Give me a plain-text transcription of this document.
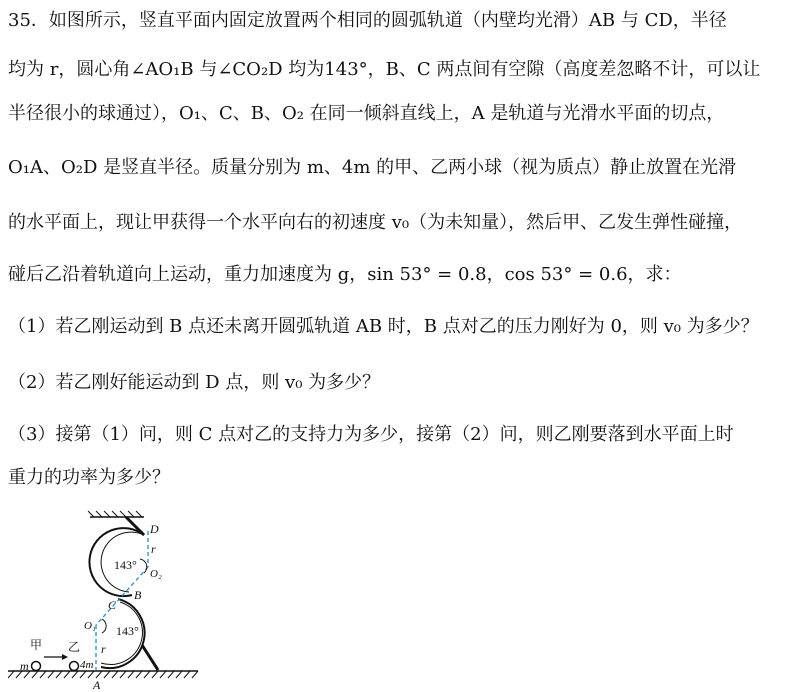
35．如图所示，竖直平面内固定放置两个相同的圆弧轨道（内壁均光滑）AB 与 CD，半径
均为 r，圆心角∠AO₁B 与∠CO₂D 均为143°，B、C 两点间有空隙（高度差忽略不计，可以让
半径很小的球通过），O₁、C、B、O₂ 在同一倾斜直线上，A 是轨道与光滑水平面的切点，
O₁A、O₂D 是竖直半径。质量分别为 m、4m 的甲、乙两小球（视为质点）静止放置在光滑
的水平面上，现让甲获得一个水平向右的初速度 v₀（为未知量），然后甲、乙发生弹性碰撞，
碰后乙沿着轨道向上运动，重力加速度为 g，sin 53° = 0.8，cos 53° = 0.6，求：
（1）若乙刚运动到 B 点还未离开圆弧轨道 AB 时，B 点对乙的压力刚好为 0，则 v₀ 为多少？
（2）若乙刚好能运动到 D 点，则 v₀ 为多少？
（3）接第（1）问，则 C 点对乙的支持力为多少，接第（2）问，则乙刚要落到水平面上时
重力的功率为多少？
143°
143°
D
r
O₂
B
C
O₁
r
甲 乙
m	4m
A
